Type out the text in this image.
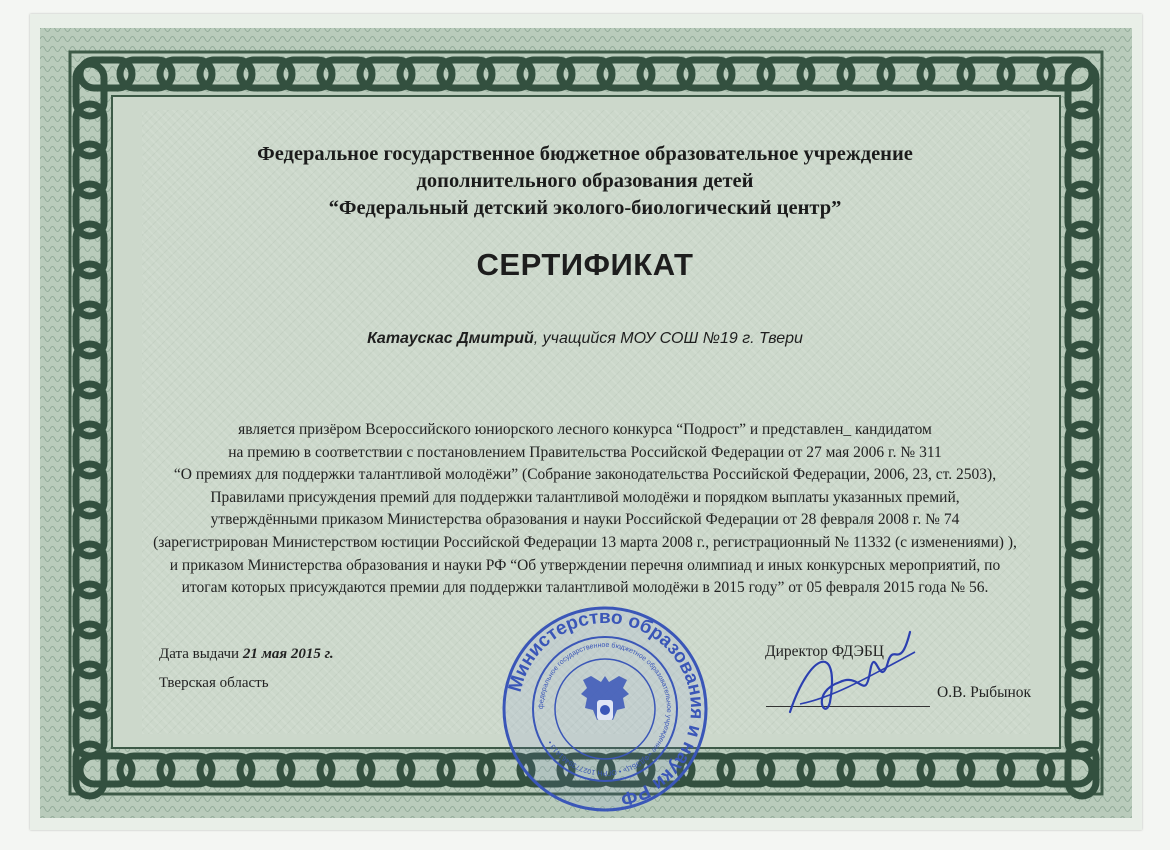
Федеральное государственное бюджетное образовательное учреждение
дополнительного образования детей
“Федеральный детский эколого-биологический центр”
СЕРТИФИКАТ
Катаускас Дмитрий, учащийся МОУ СОШ №19 г. Твери
является призёром Всероссийского юниорского лесного конкурса “Подрост” и представлен_ кандидатом
на премию в соответствии с постановлением Правительства Российской Федерации от 27 мая 2006 г. № 311
“О премиях для поддержки талантливой молодёжи” (Собрание законодательства Российской Федерации, 2006, 23, ст. 2503),
Правилами присуждения премий для поддержки талантливой молодёжи и порядком выплаты указанных премий,
утверждёнными приказом Министерства образования и науки Российской Федерации от 28 февраля 2008 г. № 74
(зарегистрирован Министерством юстиции Российской Федерации 13 марта 2008 г., регистрационный № 11332 (с изменениями) ),
и приказом Министерства образования и науки РФ “Об утверждении перечня олимпиад и иных конкурсных мероприятий, по
итогам которых присуждаются премии для поддержки талантливой молодёжи в 2015 году” от 05 февраля 2015 года № 56.
Дата выдачи 21 мая 2015 г.
Тверская область
Директор ФДЭБЦ
О.В. Рыбынок
Министерство образования и науки РФ
федеральное государственное бюджетное образовательное учреждение «ФДЭБЦ» • ОГРН 1027739461413 •
